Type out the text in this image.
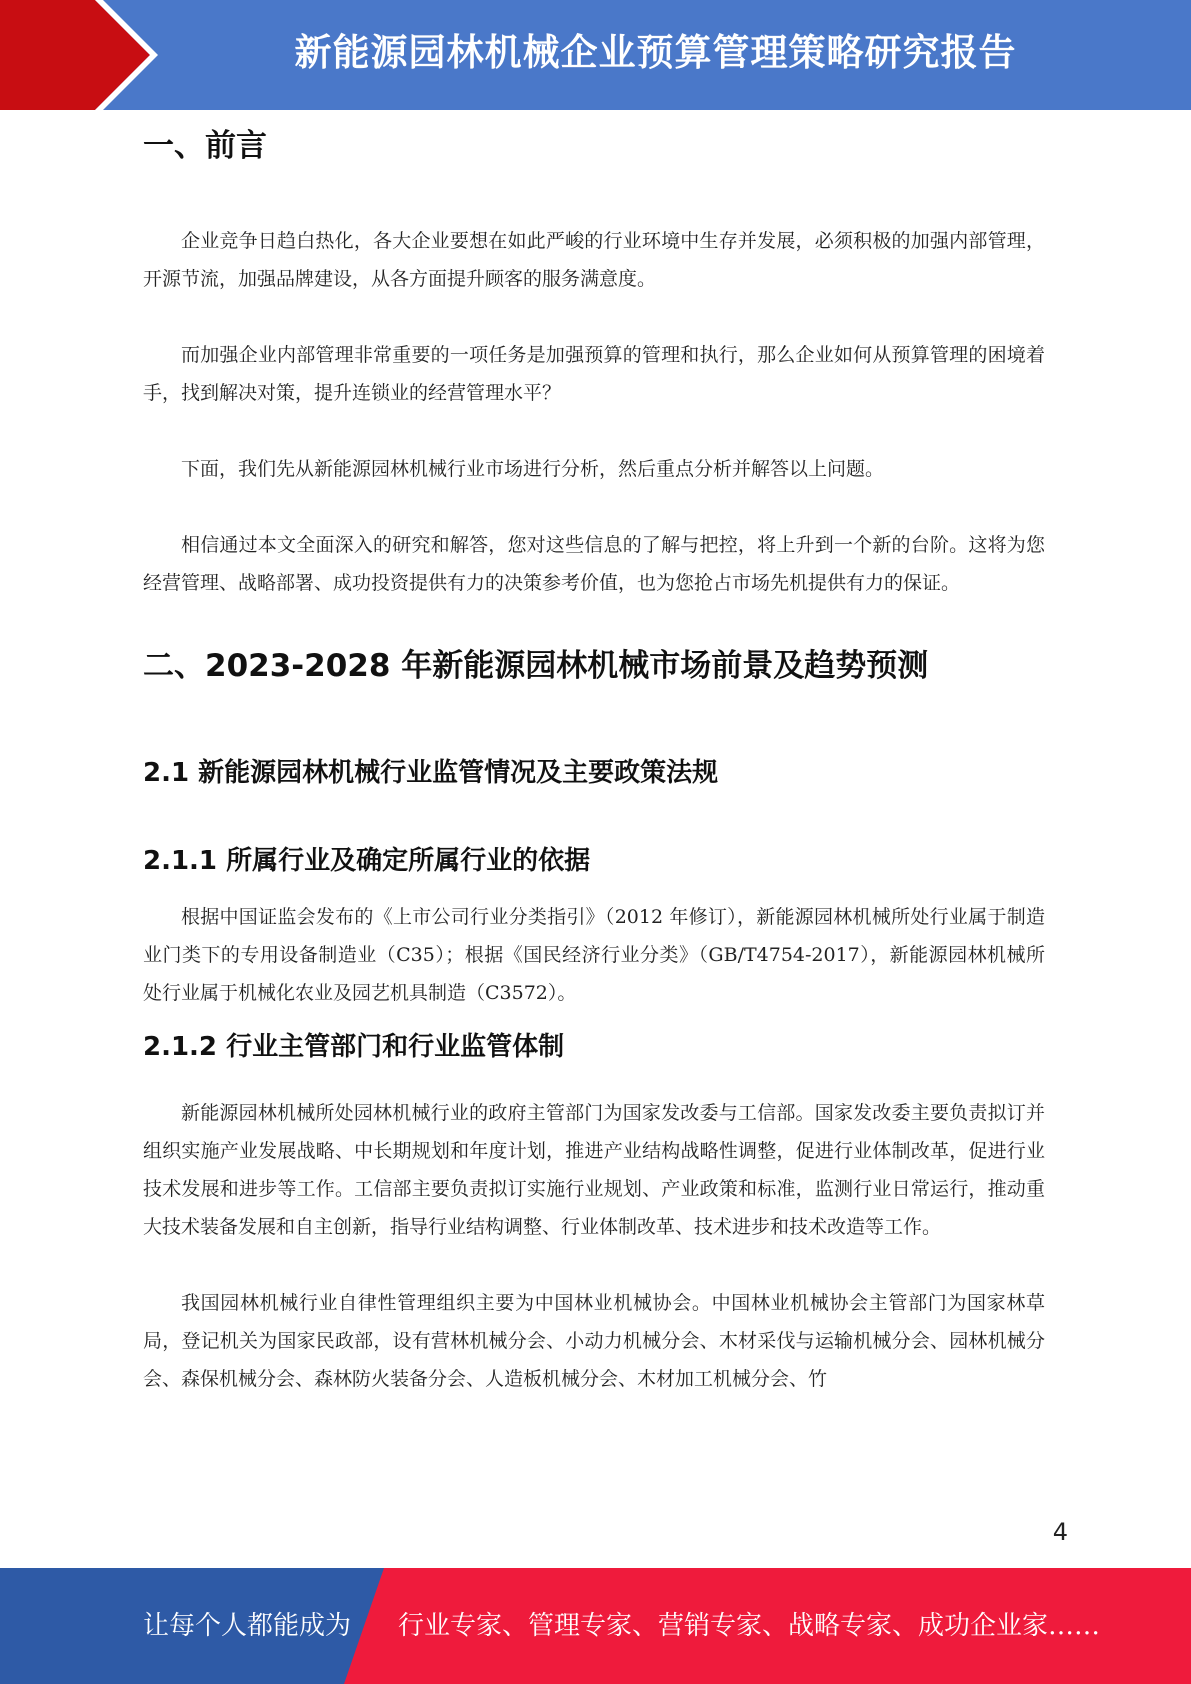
新能源园林机械企业预算管理策略研究报告
一、前言

企业竞争日趋白热化，各大企业要想在如此严峻的行业环境中生存并发展，必须积极的加强内部管理，开源节流，加强品牌建设，从各方面提升顾客的服务满意度。

而加强企业内部管理非常重要的一项任务是加强预算的管理和执行，那么企业如何从预算管理的困境着手，找到解决对策，提升连锁业的经营管理水平？

下面，我们先从新能源园林机械行业市场进行分析，然后重点分析并解答以上问题。

相信通过本文全面深入的研究和解答，您对这些信息的了解与把控，将上升到一个新的台阶。这将为您经营管理、战略部署、成功投资提供有力的决策参考价值，也为您抢占市场先机提供有力的保证。

二、2023-2028 年新能源园林机械市场前景及趋势预测
2.1 新能源园林机械行业监管情况及主要政策法规
2.1.1 所属行业及确定所属行业的依据

根据中国证监会发布的《上市公司行业分类指引》（2012 年修订），新能源园林机械所处行业属于制造业门类下的专用设备制造业（C35）；根据《国民经济行业分类》（GB/T4754-2017），新能源园林机械所处行业属于机械化农业及园艺机具制造（C3572）。

2.1.2 行业主管部门和行业监管体制

新能源园林机械所处园林机械行业的政府主管部门为国家发改委与工信部。国家发改委主要负责拟订并组织实施产业发展战略、中长期规划和年度计划，推进产业结构战略性调整，促进行业体制改革，促进行业技术发展和进步等工作。工信部主要负责拟订实施行业规划、产业政策和标准，监测行业日常运行，推动重大技术装备发展和自主创新，指导行业结构调整、行业体制改革、技术进步和技术改造等工作。

我国园林机械行业自律性管理组织主要为中国林业机械协会。中国林业机械协会主管部门为国家林草局，登记机关为国家民政部，设有营林机械分会、小动力机械分会、木材采伐与运输机械分会、园林机械分会、森保机械分会、森林防火装备分会、人造板机械分会、木材加工机械分会、竹

4
让每个人都能成为 行业专家、管理专家、营销专家、战略专家、成功企业家……
